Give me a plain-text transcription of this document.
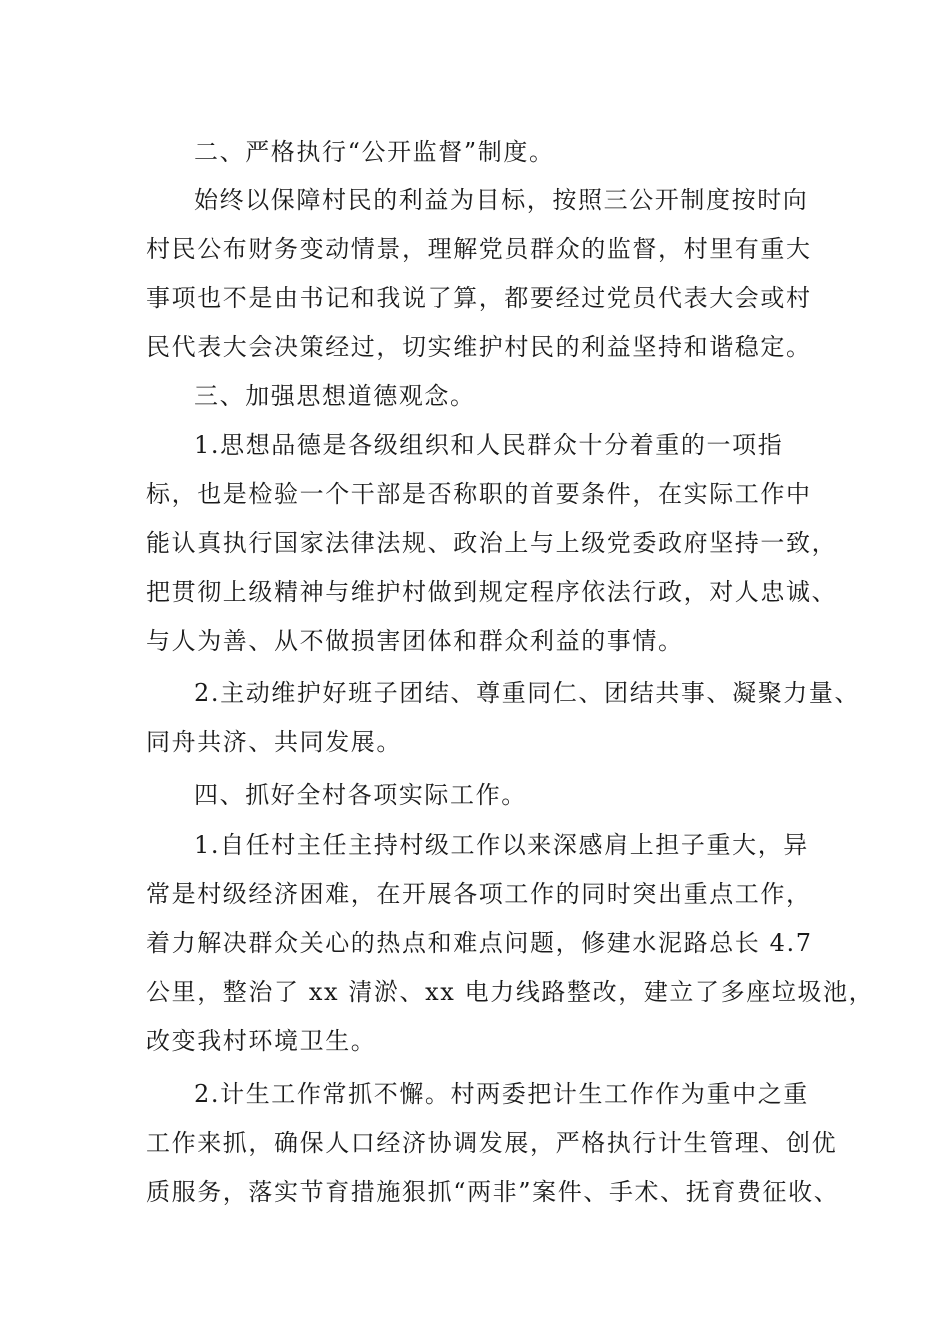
二、严格执行“公开监督”制度。
始终以保障村民的利益为目标，按照三公开制度按时向
村民公布财务变动情景，理解党员群众的监督，村里有重大
事项也不是由书记和我说了算，都要经过党员代表大会或村
民代表大会决策经过，切实维护村民的利益坚持和谐稳定。
三、加强思想道德观念。
1.思想品德是各级组织和人民群众十分着重的一项指
标，也是检验一个干部是否称职的首要条件，在实际工作中
能认真执行国家法律法规、政治上与上级党委政府坚持一致，
把贯彻上级精神与维护村做到规定程序依法行政，对人忠诚、
与人为善、从不做损害团体和群众利益的事情。
2.主动维护好班子团结、尊重同仁、团结共事、凝聚力量、
同舟共济、共同发展。
四、抓好全村各项实际工作。
1.自任村主任主持村级工作以来深感肩上担子重大，异
常是村级经济困难，在开展各项工作的同时突出重点工作，
着力解决群众关心的热点和难点问题，修建水泥路总长 4.7
公里，整治了 xx 清淤、xx 电力线路整改，建立了多座垃圾池，
改变我村环境卫生。
2.计生工作常抓不懈。村两委把计生工作作为重中之重
工作来抓，确保人口经济协调发展，严格执行计生管理、创优
质服务，落实节育措施狠抓“两非”案件、手术、抚育费征收、
